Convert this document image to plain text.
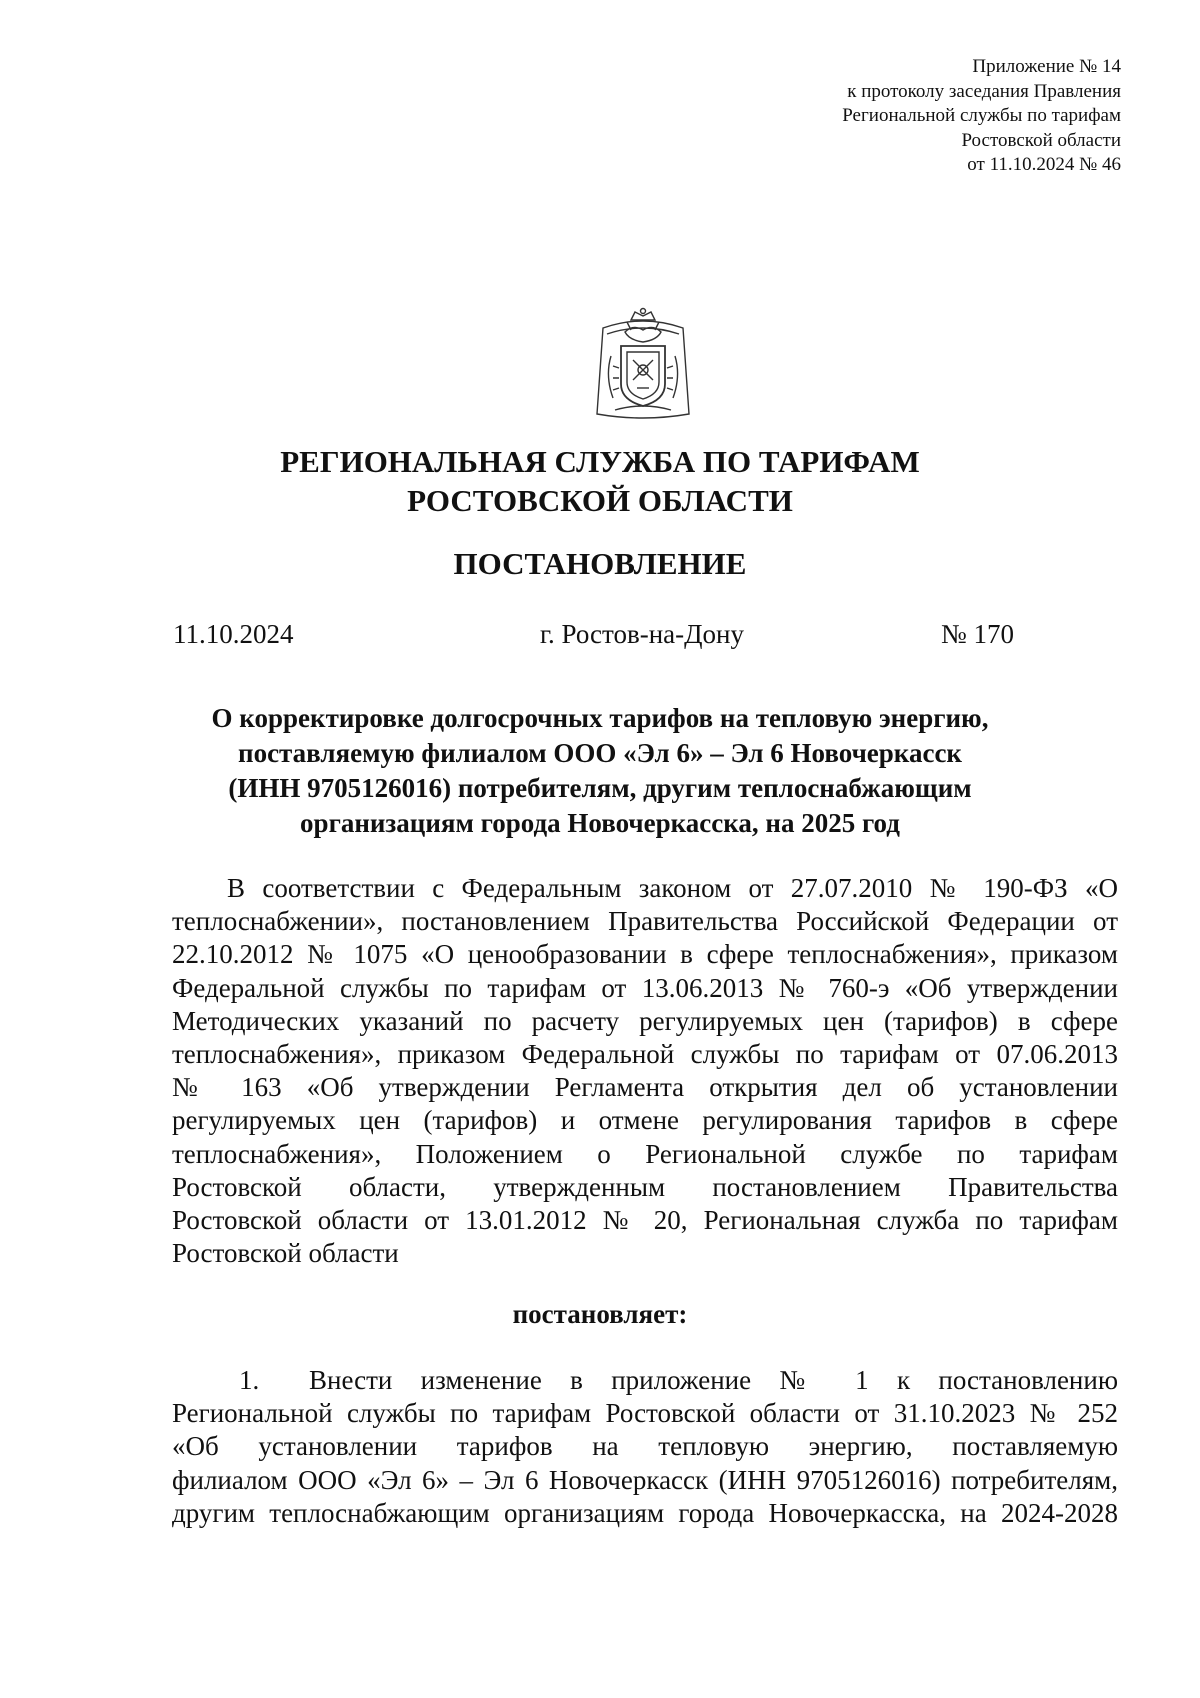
Приложение № 14
к протоколу заседания Правления
Региональной службы по тарифам
Ростовской области
от 11.10.2024 № 46
РЕГИОНАЛЬНАЯ СЛУЖБА ПО ТАРИФАМ
РОСТОВСКОЙ ОБЛАСТИ
ПОСТАНОВЛЕНИЕ
11.10.2024	г. Ростов-на-Дону	№ 170
О корректировке долгосрочных тарифов на тепловую энергию,
поставляемую филиалом ООО «Эл 6» – Эл 6 Новочеркасск
(ИНН 9705126016) потребителям, другим теплоснабжающим
организациям города Новочеркасска, на 2025 год
В соответствии с Федеральным законом от 27.07.2010 № 190-ФЗ «О
теплоснабжении», постановлением Правительства Российской Федерации от
22.10.2012 № 1075 «О ценообразовании в сфере теплоснабжения», приказом
Федеральной службы по тарифам от 13.06.2013 № 760-э «Об утверждении
Методических указаний по расчету регулируемых цен (тарифов) в сфере
теплоснабжения», приказом Федеральной службы по тарифам от 07.06.2013
№ 163 «Об утверждении Регламента открытия дел об установлении
регулируемых цен (тарифов) и отмене регулирования тарифов в сфере
теплоснабжения», Положением о Региональной службе по тарифам
Ростовской области, утвержденным постановлением Правительства
Ростовской области от 13.01.2012 № 20, Региональная служба по тарифам
Ростовской области
постановляет:
1. Внести изменение в приложение № 1 к постановлению
Региональной службы по тарифам Ростовской области от 31.10.2023 № 252
«Об установлении тарифов на тепловую энергию, поставляемую
филиалом ООО «Эл 6» – Эл 6 Новочеркасск (ИНН 9705126016) потребителям,
другим теплоснабжающим организациям города Новочеркасска, на 2024-2028
